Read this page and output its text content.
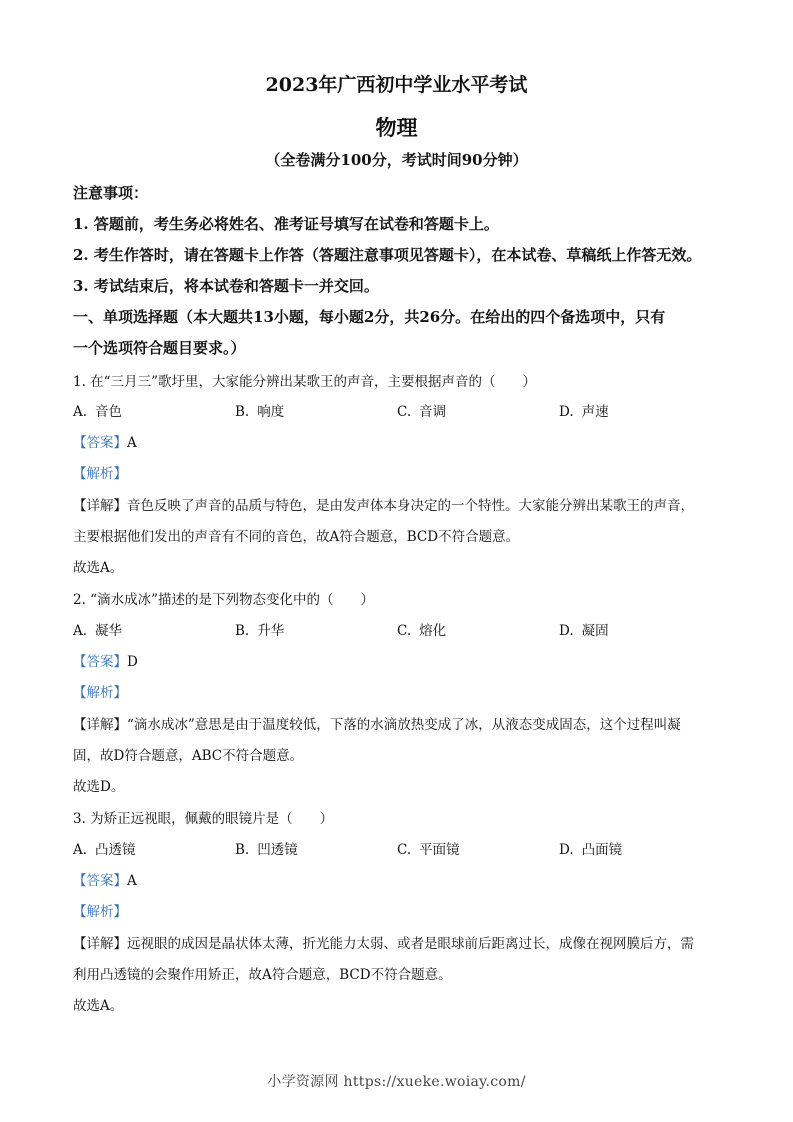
2023年广西初中学业水平考试
物理
（全卷满分100分，考试时间90分钟）
注意事项：
1. 答题前，考生务必将姓名、准考证号填写在试卷和答题卡上。
2. 考生作答时，请在答题卡上作答（答题注意事项见答题卡），在本试卷、草稿纸上作答无效。
3. 考试结束后，将本试卷和答题卡一并交回。
一、单项选择题（本大题共13小题，每小题2分，共26分。在给出的四个备选项中，只有
一个选项符合题目要求。）
1. 在“三月三”歌圩里，大家能分辨出某歌王的声音，主要根据声音的（　　）
A. 音色	B. 响度	C. 音调	D. 声速
【答案】A
【解析】
【详解】音色反映了声音的品质与特色，是由发声体本身决定的一个特性。大家能分辨出某歌王的声音，
主要根据他们发出的声音有不同的音色，故A符合题意，BCD不符合题意。
故选A。
2. “滴水成冰”描述的是下列物态变化中的（　　）
A. 凝华	B. 升华	C. 熔化	D. 凝固
【答案】D
【解析】
【详解】“滴水成冰”意思是由于温度较低，下落的水滴放热变成了冰，从液态变成固态，这个过程叫凝
固，故D符合题意，ABC不符合题意。
故选D。
3. 为矫正远视眼，佩戴的眼镜片是（　　）
A. 凸透镜	B. 凹透镜	C. 平面镜	D. 凸面镜
【答案】A
【解析】
【详解】远视眼的成因是晶状体太薄，折光能力太弱、或者是眼球前后距离过长，成像在视网膜后方，需
利用凸透镜的会聚作用矫正，故A符合题意，BCD不符合题意。
故选A。
小学资源网 https://xueke.woiay.com/
